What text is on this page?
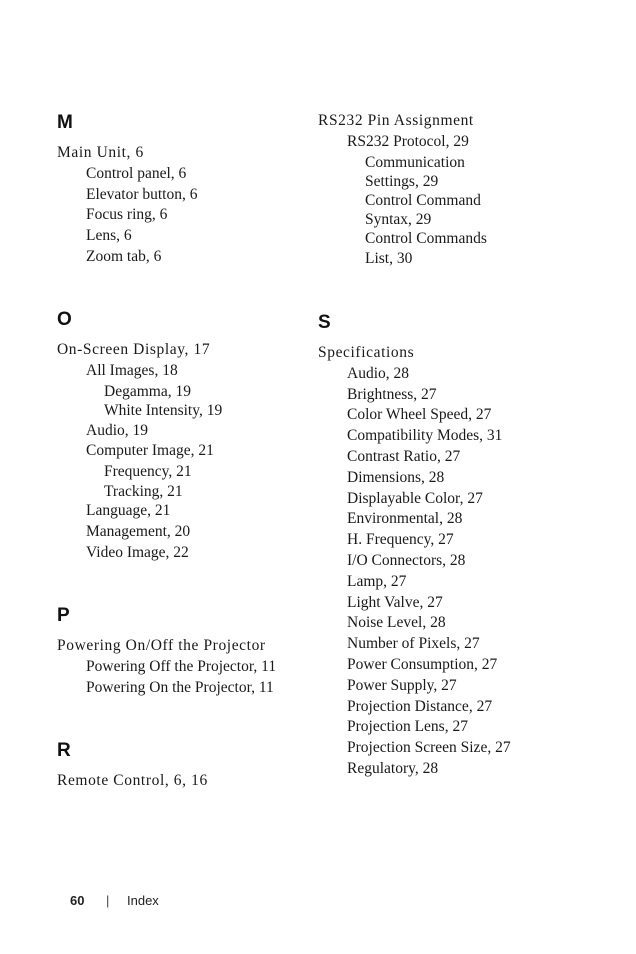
M
Main Unit, 6
Control panel, 6
Elevator button, 6
Focus ring, 6
Lens, 6
Zoom tab, 6
O
On-Screen Display, 17
All Images, 18
Degamma, 19
White Intensity, 19
Audio, 19
Computer Image, 21
Frequency, 21
Tracking, 21
Language, 21
Management, 20
Video Image, 22
P
Powering On/Off the Projector
Powering Off the Projector, 11
Powering On the Projector, 11
R
Remote Control, 6, 16
RS232 Pin Assignment
RS232 Protocol, 29
Communication
Settings, 29
Control Command
Syntax, 29
Control Commands
List, 30
S
Specifications
Audio, 28
Brightness, 27
Color Wheel Speed, 27
Compatibility Modes, 31
Contrast Ratio, 27
Dimensions, 28
Displayable Color, 27
Environmental, 28
H. Frequency, 27
I/O Connectors, 28
Lamp, 27
Light Valve, 27
Noise Level, 28
Number of Pixels, 27
Power Consumption, 27
Power Supply, 27
Projection Distance, 27
Projection Lens, 27
Projection Screen Size, 27
Regulatory, 28
60 | Index
